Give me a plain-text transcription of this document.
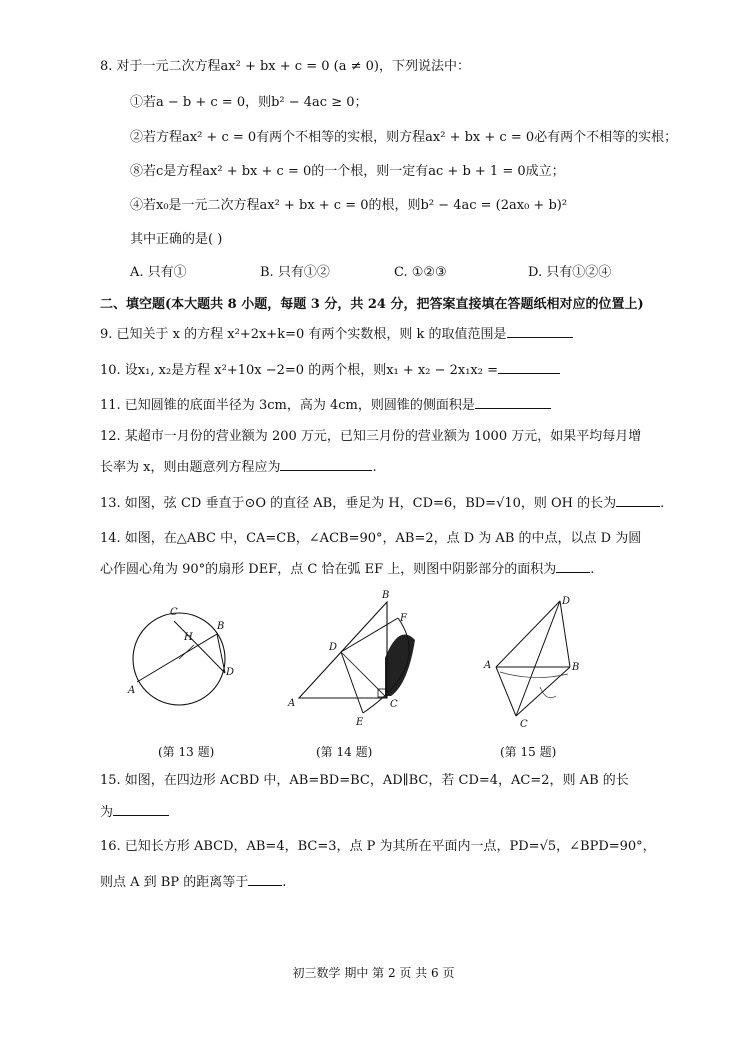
8. 对于一元二次方程ax² + bx + c = 0 (a ≠ 0)，下列说法中：
①若a − b + c = 0，则b² − 4ac ≥ 0；
②若方程ax² + c = 0有两个不相等的实根，则方程ax² + bx + c = 0必有两个不相等的实根；
⑧若c是方程ax² + bx + c = 0的一个根，则一定有ac + b + 1 = 0成立；
④若x₀是一元二次方程ax² + bx + c = 0的根，则b² − 4ac = (2ax₀ + b)²
其中正确的是( )
A. 只有①	B. 只有①②	C. ①②③	D. 只有①②④
二、填空题(本大题共 8 小题，每题 3 分，共 24 分，把答案直接填在答题纸相对应的位置上)
9. 已知关于 x 的方程 x²+2x+k=0 有两个实数根，则 k 的取值范围是
10. 设x₁, x₂是方程 x²+10x −2=0 的两个根，则x₁ + x₂ − 2x₁x₂ =
11. 已知圆锥的底面半径为 3cm，高为 4cm，则圆锥的侧面积是
12. 某超市一月份的营业额为 200 万元，已知三月份的营业额为 1000 万元，如果平均每月增
长率为 x，则由题意列方程应为	.
13. 如图，弦 CD 垂直于⊙O 的直径 AB，垂足为 H，CD=6，BD=√10，则 OH 的长为	.
14. 如图，在△ABC 中，CA=CB，∠ACB=90°，AB=2，点 D 为 AB 的中点，以点 D 为圆
心作圆心角为 90°的扇形 DEF，点 C 恰在弧 EF 上，则图中阴影部分的面积为	.
C
H
B
D
A
B
F
D
A	C
E
D
A	B
C
(第 13 题)	(第 14 题)	(第 15 题)
15. 如图，在四边形 ACBD 中，AB=BD=BC，AD∥BC，若 CD=4，AC=2，则 AB 的长
为
16. 已知长方形 ABCD，AB=4，BC=3，点 P 为其所在平面内一点，PD=√5，∠BPD=90°，
则点 A 到 BP 的距离等于	.
初三数学 期中 第 2 页 共 6 页
